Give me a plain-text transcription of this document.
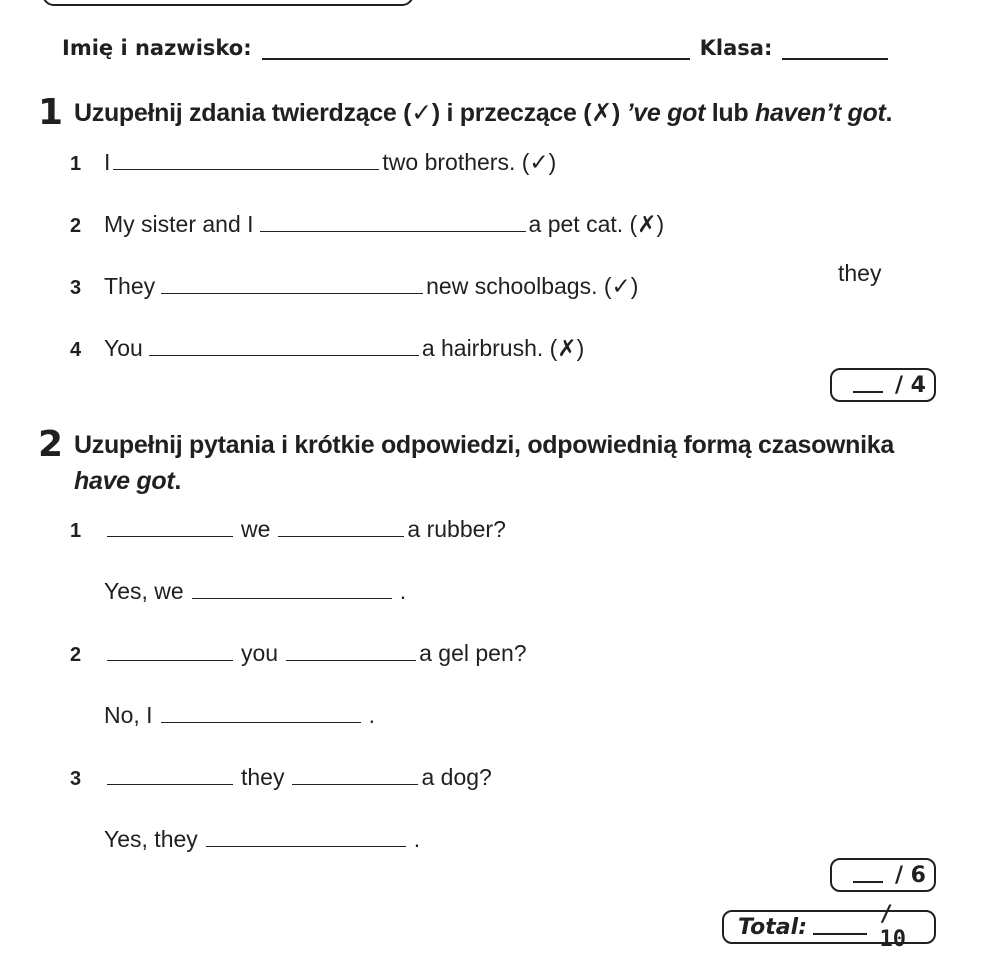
Imię i nazwisko:	Klasa:
1 Uzupełnij zdania twierdzące (✓) i przeczące (✗) ’ve got lub haven’t got.
1 I	two brothers. (✓)
2 My sister and I	a pet cat. (✗)
3 They	new schoolbags. (✓)	they
4 You	a hairbrush. (✗)
/ 4
2 Uzupełnij pytania i krótkie odpowiedzi, odpowiednią formą czasownika
have got.
1	we	a rubber?
Yes, we	.
2	you	a gel pen?
No, I	.
3	they	a dog?
Yes, they	.
/ 6
Total:	/ 10
